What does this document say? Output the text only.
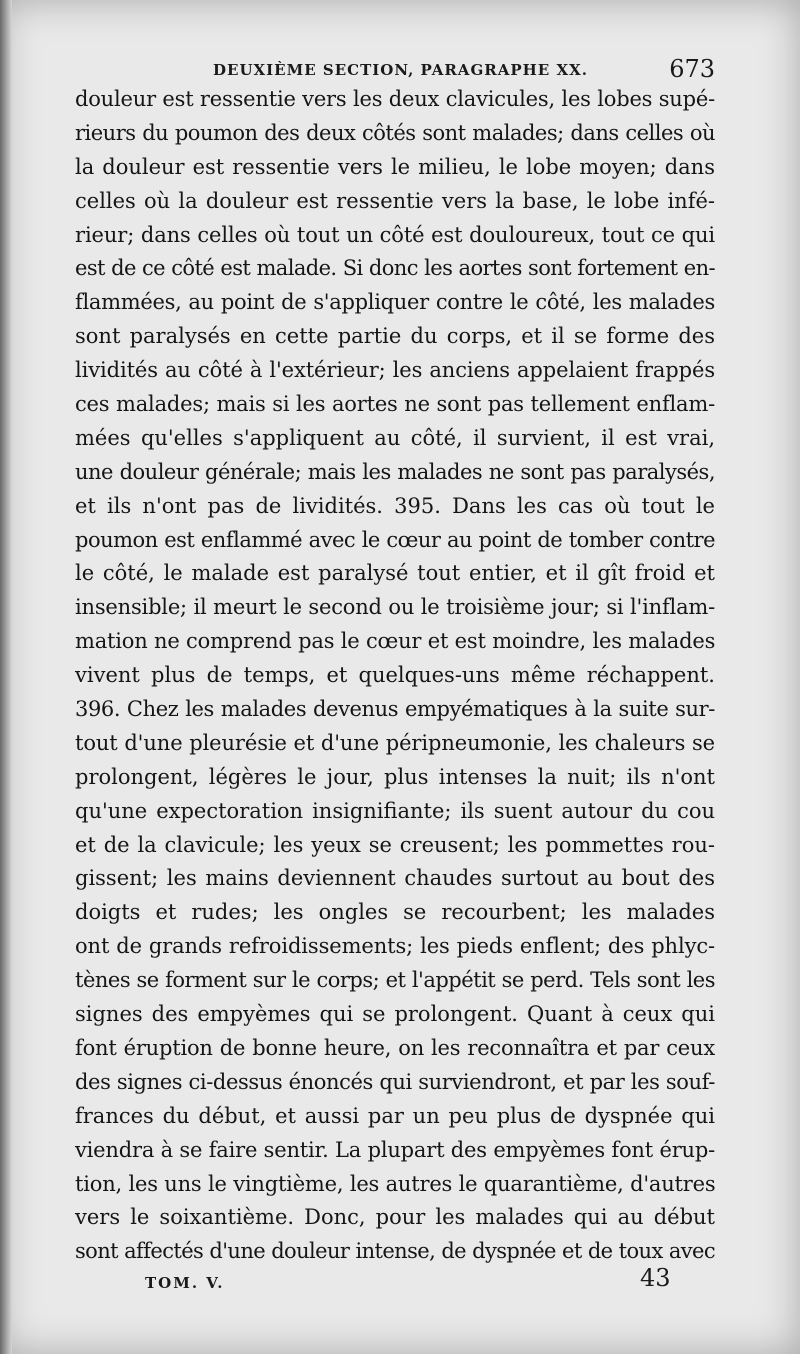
DEUXIÈME SECTION, PARAGRAPHE XX.	673
douleur est ressentie vers les deux clavicules, les lobes supé-
rieurs du poumon des deux côtés sont malades; dans celles où
la douleur est ressentie vers le milieu, le lobe moyen; dans
celles où la douleur est ressentie vers la base, le lobe infé-
rieur; dans celles où tout un côté est douloureux, tout ce qui
est de ce côté est malade. Si donc les aortes sont fortement en-
flammées, au point de s'appliquer contre le côté, les malades
sont paralysés en cette partie du corps, et il se forme des
lividités au côté à l'extérieur; les anciens appelaient frappés
ces malades; mais si les aortes ne sont pas tellement enflam-
mées qu'elles s'appliquent au côté, il survient, il est vrai,
une douleur générale; mais les malades ne sont pas paralysés,
et ils n'ont pas de lividités. 395. Dans les cas où tout le
poumon est enflammé avec le cœur au point de tomber contre
le côté, le malade est paralysé tout entier, et il gît froid et
insensible; il meurt le second ou le troisième jour; si l'inflam-
mation ne comprend pas le cœur et est moindre, les malades
vivent plus de temps, et quelques-uns même réchappent.
396. Chez les malades devenus empyématiques à la suite sur-
tout d'une pleurésie et d'une péripneumonie, les chaleurs se
prolongent, légères le jour, plus intenses la nuit; ils n'ont
qu'une expectoration insignifiante; ils suent autour du cou
et de la clavicule; les yeux se creusent; les pommettes rou-
gissent; les mains deviennent chaudes surtout au bout des
doigts et rudes; les ongles se recourbent; les malades
ont de grands refroidissements; les pieds enflent; des phlyc-
tènes se forment sur le corps; et l'appétit se perd. Tels sont les
signes des empyèmes qui se prolongent. Quant à ceux qui
font éruption de bonne heure, on les reconnaîtra et par ceux
des signes ci-dessus énoncés qui surviendront, et par les souf-
frances du début, et aussi par un peu plus de dyspnée qui
viendra à se faire sentir. La plupart des empyèmes font érup-
tion, les uns le vingtième, les autres le quarantième, d'autres
vers le soixantième. Donc, pour les malades qui au début
sont affectés d'une douleur intense, de dyspnée et de toux avec
TOM. V.	43
